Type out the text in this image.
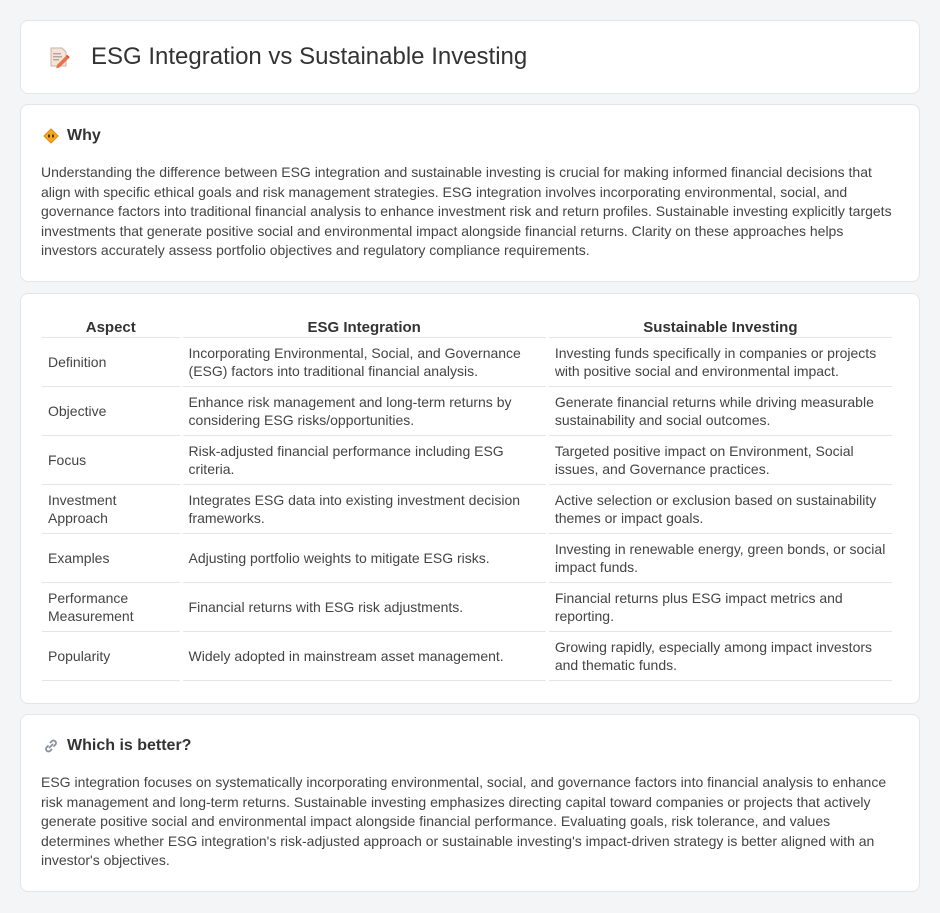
ESG Integration vs Sustainable Investing
Why

Understanding the difference between ESG integration and sustainable investing is crucial for making informed financial decisions that align with specific ethical goals and risk management strategies. ESG integration involves incorporating environmental, social, and governance factors into traditional financial analysis to enhance investment risk and return profiles. Sustainable investing explicitly targets investments that generate positive social and environmental impact alongside financial returns. Clarity on these approaches helps investors accurately assess portfolio objectives and regulatory compliance requirements.

Aspect	ESG Integration	Sustainable Investing
Definition	Incorporating Environmental, Social, and Governance (ESG) factors into traditional financial analysis.	Investing funds specifically in companies or projects with positive social and environmental impact.
Objective	Enhance risk management and long-term returns by considering ESG risks/opportunities.	Generate financial returns while driving measurable sustainability and social outcomes.
Focus	Risk-adjusted financial performance including ESG criteria.	Targeted positive impact on Environment, Social issues, and Governance practices.
Investment Approach	Integrates ESG data into existing investment decision frameworks.	Active selection or exclusion based on sustainability themes or impact goals.
Examples	Adjusting portfolio weights to mitigate ESG risks.	Investing in renewable energy, green bonds, or social impact funds.
Performance Measurement	Financial returns with ESG risk adjustments.	Financial returns plus ESG impact metrics and reporting.
Popularity	Widely adopted in mainstream asset management.	Growing rapidly, especially among impact investors and thematic funds.
Which is better?

ESG integration focuses on systematically incorporating environmental, social, and governance factors into financial analysis to enhance risk management and long-term returns. Sustainable investing emphasizes directing capital toward companies or projects that actively generate positive social and environmental impact alongside financial performance. Evaluating goals, risk tolerance, and values determines whether ESG integration's risk-adjusted approach or sustainable investing's impact-driven strategy is better aligned with an investor's objectives.
